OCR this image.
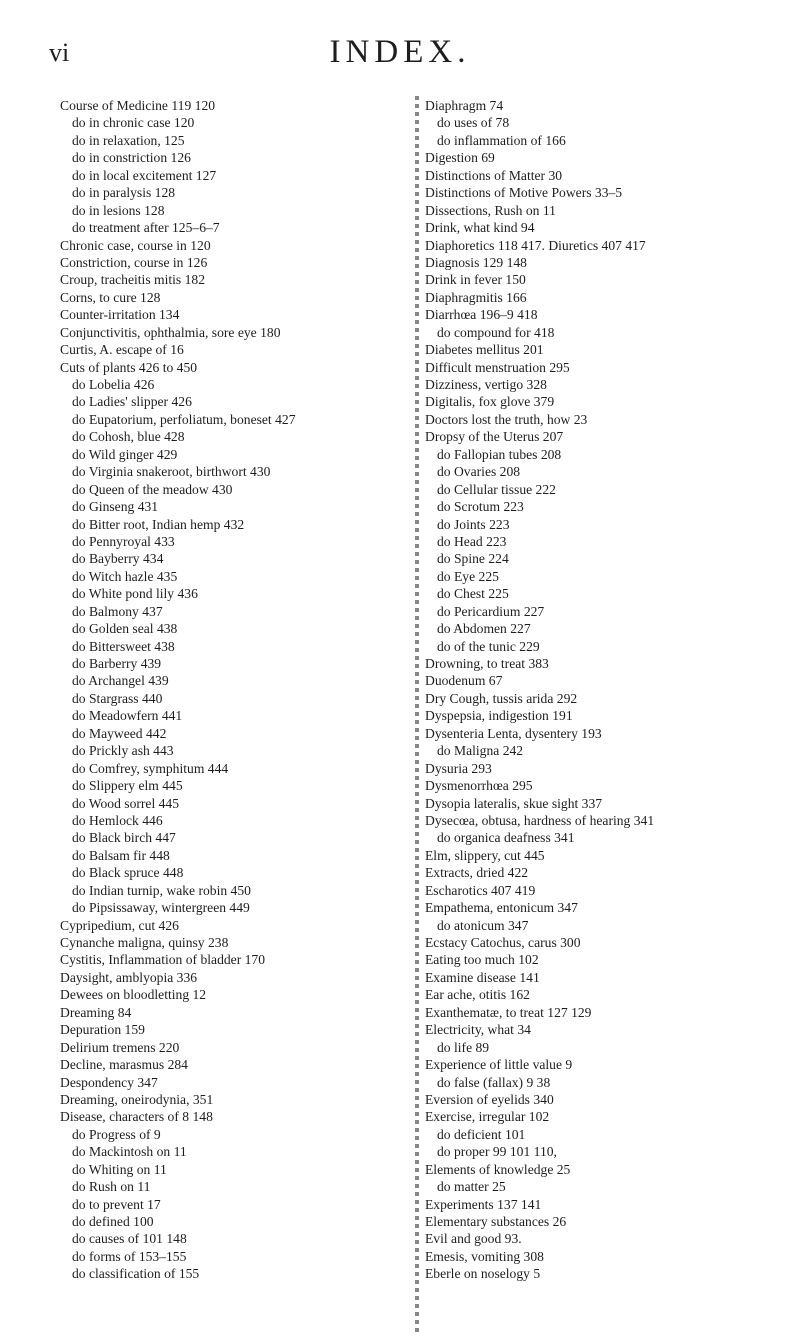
vi	INDEX.
Course of Medicine 119 120
do in chronic case 120
do in relaxation, 125
do in constriction 126
do in local excitement 127
do in paralysis 128
do in lesions 128
do treatment after 125–6–7
Chronic case, course in 120
Constriction, course in 126
Croup, tracheitis mitis 182
Corns, to cure 128
Counter-irritation 134
Conjunctivitis, ophthalmia, sore eye 180
Curtis, A. escape of 16
Cuts of plants 426 to 450
do Lobelia 426
do Ladies' slipper 426
do Eupatorium, perfoliatum, boneset 427
do Cohosh, blue 428
do Wild ginger 429
do Virginia snakeroot, birthwort 430
do Queen of the meadow 430
do Ginseng 431
do Bitter root, Indian hemp 432
do Pennyroyal 433
do Bayberry 434
do Witch hazle 435
do White pond lily 436
do Balmony 437
do Golden seal 438
do Bittersweet 438
do Barberry 439
do Archangel 439
do Stargrass 440
do Meadowfern 441
do Mayweed 442
do Prickly ash 443
do Comfrey, symphitum 444
do Slippery elm 445
do Wood sorrel 445
do Hemlock 446
do Black birch 447
do Balsam fir 448
do Black spruce 448
do Indian turnip, wake robin 450
do Pipsissaway, wintergreen 449
Cypripedium, cut 426
Cynanche maligna, quinsy 238
Cystitis, Inflammation of bladder 170
Daysight, amblyopia 336
Dewees on bloodletting 12
Dreaming 84
Depuration 159
Delirium tremens 220
Decline, marasmus 284
Despondency 347
Dreaming, oneirodynia, 351
Disease, characters of 8 148
do Progress of 9
do Mackintosh on 11
do Whiting on 11
do Rush on 11
do to prevent 17
do defined 100
do causes of 101 148
do forms of 153–155
do classification of 155
Diaphragm 74
do uses of 78
do inflammation of 166
Digestion 69
Distinctions of Matter 30
Distinctions of Motive Powers 33–5
Dissections, Rush on 11
Drink, what kind 94
Diaphoretics 118 417. Diuretics 407 417
Diagnosis 129 148
Drink in fever 150
Diaphragmitis 166
Diarrhœa 196–9 418
do compound for 418
Diabetes mellitus 201
Difficult menstruation 295
Dizziness, vertigo 328
Digitalis, fox glove 379
Doctors lost the truth, how 23
Dropsy of the Uterus 207
do Fallopian tubes 208
do Ovaries 208
do Cellular tissue 222
do Scrotum 223
do Joints 223
do Head 223
do Spine 224
do Eye 225
do Chest 225
do Pericardium 227
do Abdomen 227
do of the tunic 229
Drowning, to treat 383
Duodenum 67
Dry Cough, tussis arida 292
Dyspepsia, indigestion 191
Dysenteria Lenta, dysentery 193
do Maligna 242
Dysuria 293
Dysmenorrhœa 295
Dysopia lateralis, skue sight 337
Dysecœa, obtusa, hardness of hearing 341
do organica deafness 341
Elm, slippery, cut 445
Extracts, dried 422
Escharotics 407 419
Empathema, entonicum 347
do atonicum 347
Ecstacy Catochus, carus 300
Eating too much 102
Examine disease 141
Ear ache, otitis 162
Exanthematæ, to treat 127 129
Electricity, what 34
do life 89
Experience of little value 9
do false (fallax) 9 38
Eversion of eyelids 340
Exercise, irregular 102
do deficient 101
do proper 99 101 110,
Elements of knowledge 25
do matter 25
Experiments 137 141
Elementary substances 26
Evil and good 93.
Emesis, vomiting 308
Eberle on noselogy 5
